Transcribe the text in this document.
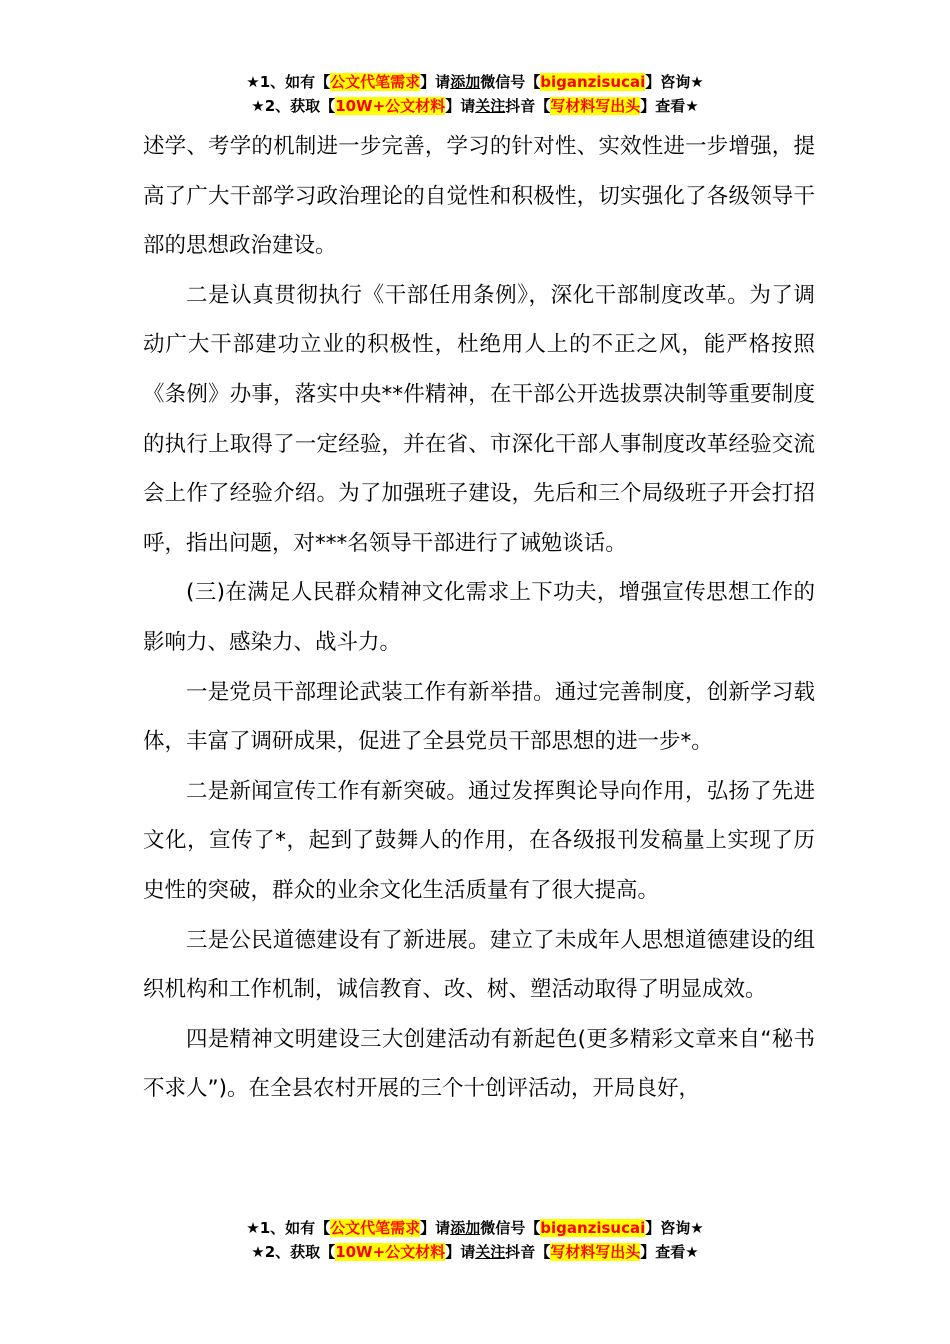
★1、如有【公文代笔需求】请添加微信号【biganzisucai】咨询★
★2、获取【10W+公文材料】请关注抖音【写材料写出头】查看★

述学、考学的机制进一步完善，学习的针对性、实效性进一步增强，提高了广大干部学习政治理论的自觉性和积极性，切实强化了各级领导干部的思想政治建设。

二是认真贯彻执行《干部任用条例》，深化干部制度改革。为了调动广大干部建功立业的积极性，杜绝用人上的不正之风，能严格按照《条例》办事，落实中央**件精神，在干部公开选拔票决制等重要制度的执行上取得了一定经验，并在省、市深化干部人事制度改革经验交流会上作了经验介绍。为了加强班子建设，先后和三个局级班子开会打招呼，指出问题，对***名领导干部进行了诫勉谈话。

(三)在满足人民群众精神文化需求上下功夫，增强宣传思想工作的影响力、感染力、战斗力。

一是党员干部理论武装工作有新举措。通过完善制度，创新学习载体，丰富了调研成果，促进了全县党员干部思想的进一步*。

二是新闻宣传工作有新突破。通过发挥舆论导向作用，弘扬了先进文化，宣传了*，起到了鼓舞人的作用，在各级报刊发稿量上实现了历史性的突破，群众的业余文化生活质量有了很大提高。

三是公民道德建设有了新进展。建立了未成年人思想道德建设的组织机构和工作机制，诚信教育、改、树、塑活动取得了明显成效。

四是精神文明建设三大创建活动有新起色(更多精彩文章来自“秘书不求人”)。在全县农村开展的三个十创评活动，开局良好，

★1、如有【公文代笔需求】请添加微信号【biganzisucai】咨询★
★2、获取【10W+公文材料】请关注抖音【写材料写出头】查看★
